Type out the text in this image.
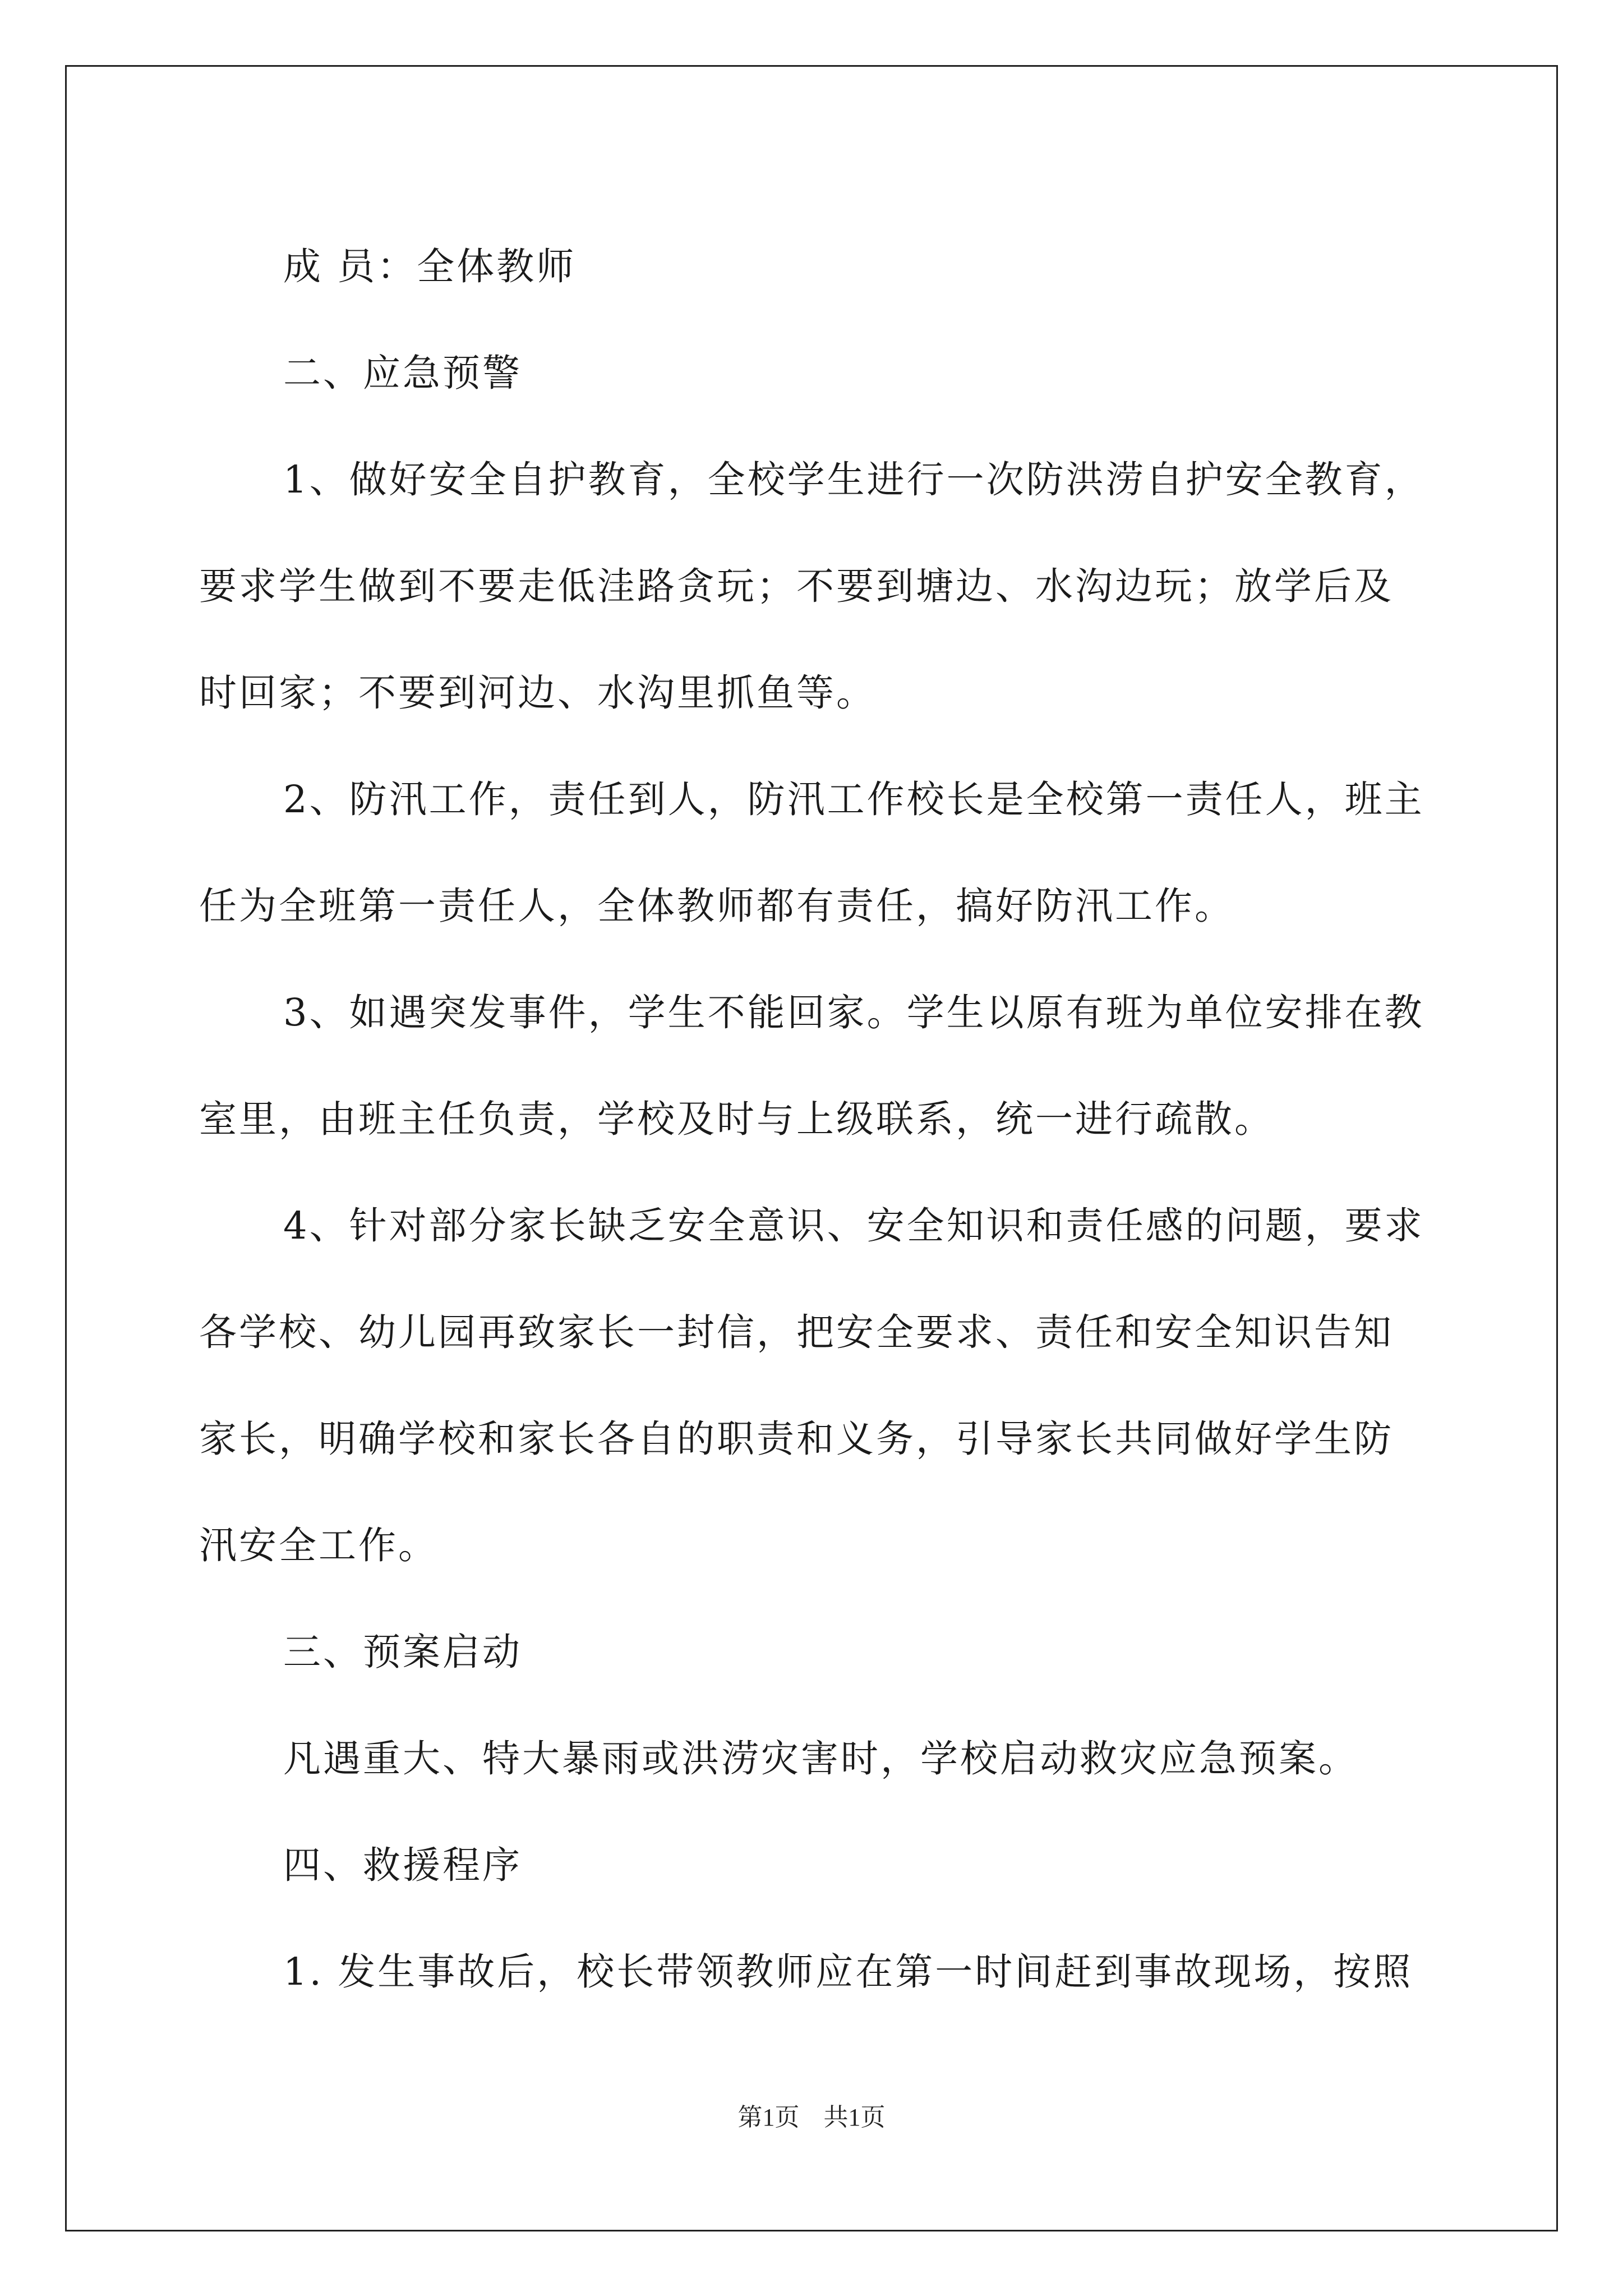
成 员：全体教师

二、应急预警

1、做好安全自护教育，全校学生进行一次防洪涝自护安全教育，

要求学生做到不要走低洼路贪玩；不要到塘边、水沟边玩；放学后及

时回家；不要到河边、水沟里抓鱼等。

2、防汛工作，责任到人，防汛工作校长是全校第一责任人，班主

任为全班第一责任人，全体教师都有责任，搞好防汛工作。

3、如遇突发事件，学生不能回家。学生以原有班为单位安排在教

室里，由班主任负责，学校及时与上级联系，统一进行疏散。

4、针对部分家长缺乏安全意识、安全知识和责任感的问题，要求

各学校、幼儿园再致家长一封信，把安全要求、责任和安全知识告知

家长，明确学校和家长各自的职责和义务，引导家长共同做好学生防

汛安全工作。

三、预案启动

凡遇重大、特大暴雨或洪涝灾害时，学校启动救灾应急预案。

四、救援程序

1. 发生事故后，校长带领教师应在第一时间赶到事故现场，按照

第1页 共1页
